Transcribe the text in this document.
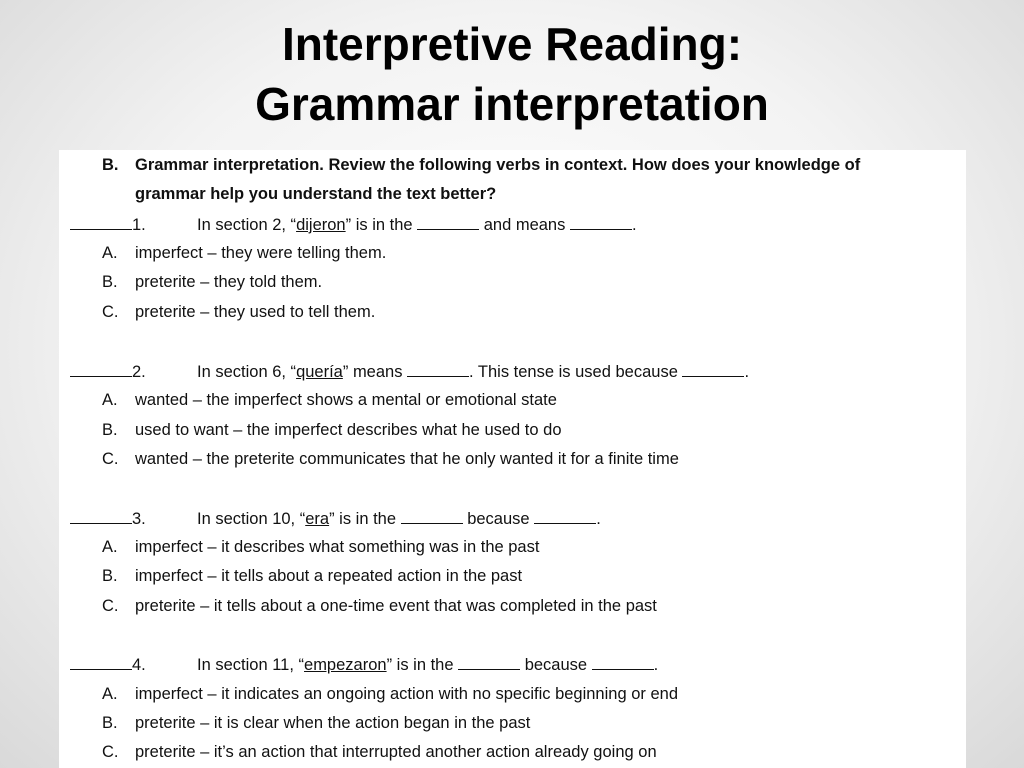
Interpretive Reading:
Grammar interpretation
B. Grammar interpretation. Review the following verbs in context. How does your knowledge of
grammar help you understand the text better?
1.	In section 2, “dijeron” is in the	and means	.
A. imperfect – they were telling them.
B. preterite – they told them.
C. preterite – they used to tell them.
2.	In section 6, “quería” means	. This tense is used because	.
A. wanted – the imperfect shows a mental or emotional state
B. used to want – the imperfect describes what he used to do
C. wanted – the preterite communicates that he only wanted it for a finite time
3.	In section 10, “era” is in the	because	.
A. imperfect – it describes what something was in the past
B. imperfect – it tells about a repeated action in the past
C. preterite – it tells about a one-time event that was completed in the past
4.	In section 11, “empezaron” is in the	because	.
A. imperfect – it indicates an ongoing action with no specific beginning or end
B. preterite – it is clear when the action began in the past
C. preterite – it’s an action that interrupted another action already going on
